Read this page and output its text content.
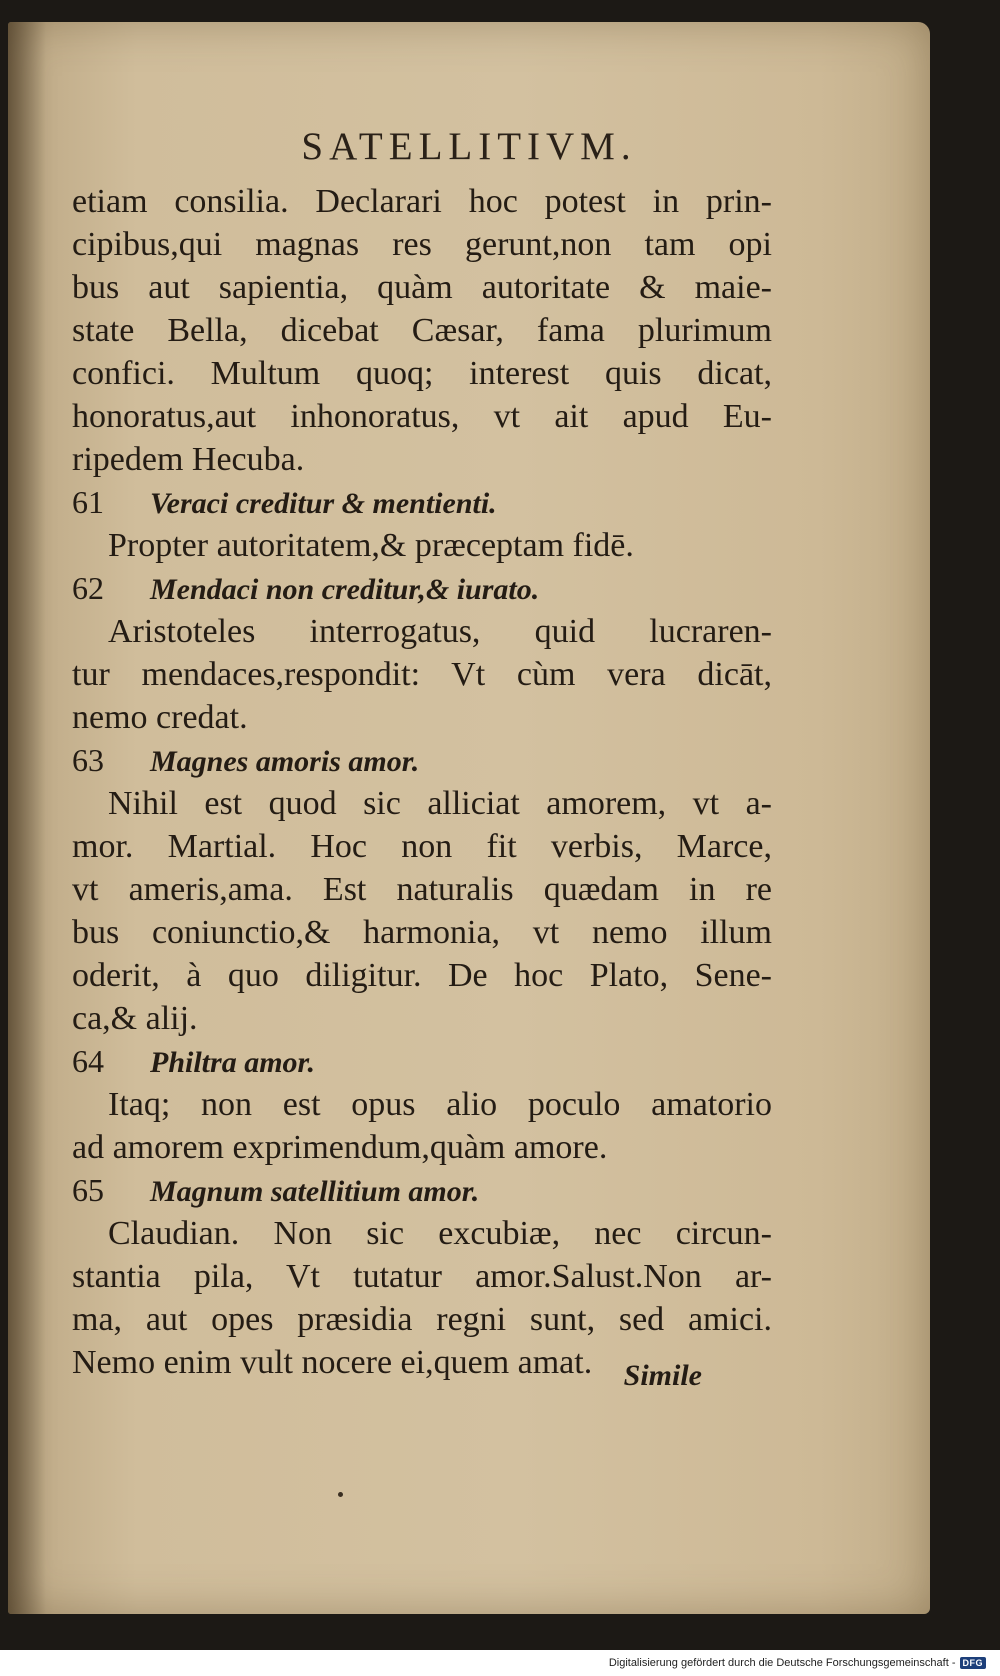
SATELLITIVM.
etiam consilia. Declarari hoc potest in prin-
cipibus,qui magnas res gerunt,non tam opi
bus aut sapientia, quàm autoritate & maie-
state Bella, dicebat Cæsar, fama plurimum
confici. Multum quoq; interest quis dicat,
honoratus,aut inhonoratus, vt ait apud Eu-
ripedem Hecuba.
61 Veraci creditur & mentienti.
Propter autoritatem,& præceptam fidē.
62 Mendaci non creditur,& iurato.
Aristoteles interrogatus, quid lucraren-
tur mendaces,respondit: Vt cùm vera dicāt,
nemo credat.
63 Magnes amoris amor.
Nihil est quod sic alliciat amorem, vt a-
mor. Martial. Hoc non fit verbis, Marce,
vt ameris,ama. Est naturalis quædam in re
bus coniunctio,& harmonia, vt nemo illum
oderit, à quo diligitur. De hoc Plato, Sene-
ca,& alij.
64 Philtra amor.
Itaq; non est opus alio poculo amatorio
ad amorem exprimendum,quàm amore.
65 Magnum satellitium amor.
Claudian. Non sic excubiæ, nec circun-
stantia pila, Vt tutatur amor.Salust.Non ar-
ma, aut opes præsidia regni sunt, sed amici.
Nemo enim vult nocere ei,quem amat.	Simile
Digitalisierung gefördert durch die Deutsche Forschungsgemeinschaft - DFG
